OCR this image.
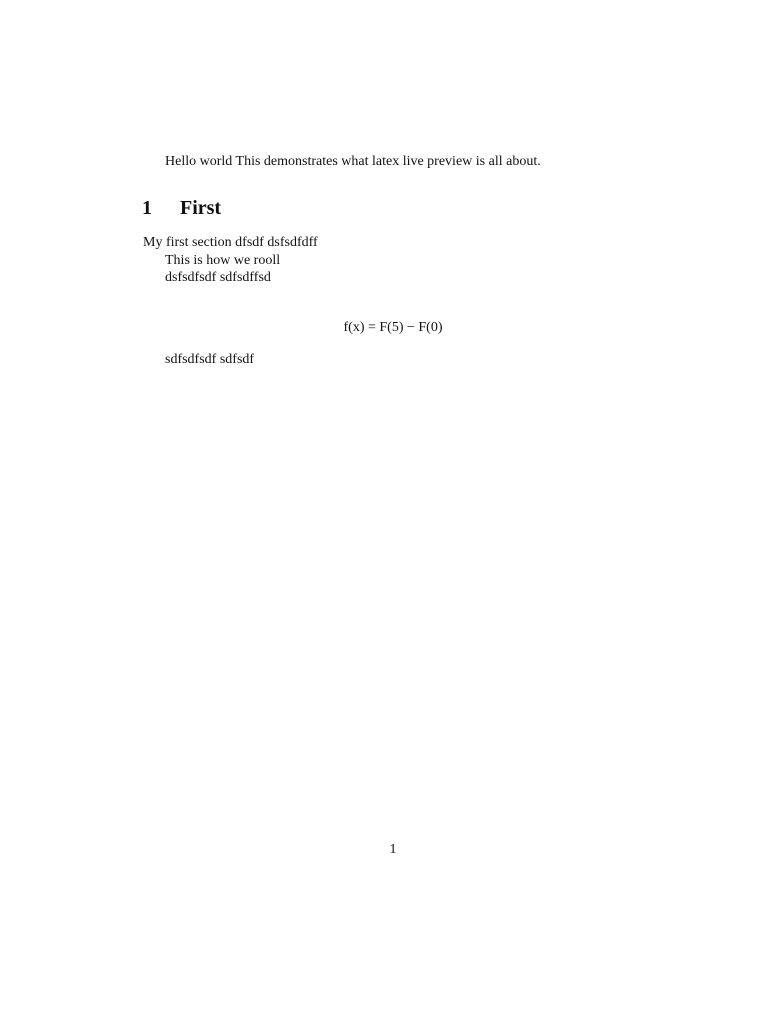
Hello world This demonstrates what latex live preview is all about.
1 First
My first section dfsdf dsfsdfdff
This is how we rooll
dsfsdfsdf sdfsdffsd
f(x) = F(5) − F(0)
sdfsdfsdf sdfsdf
1
